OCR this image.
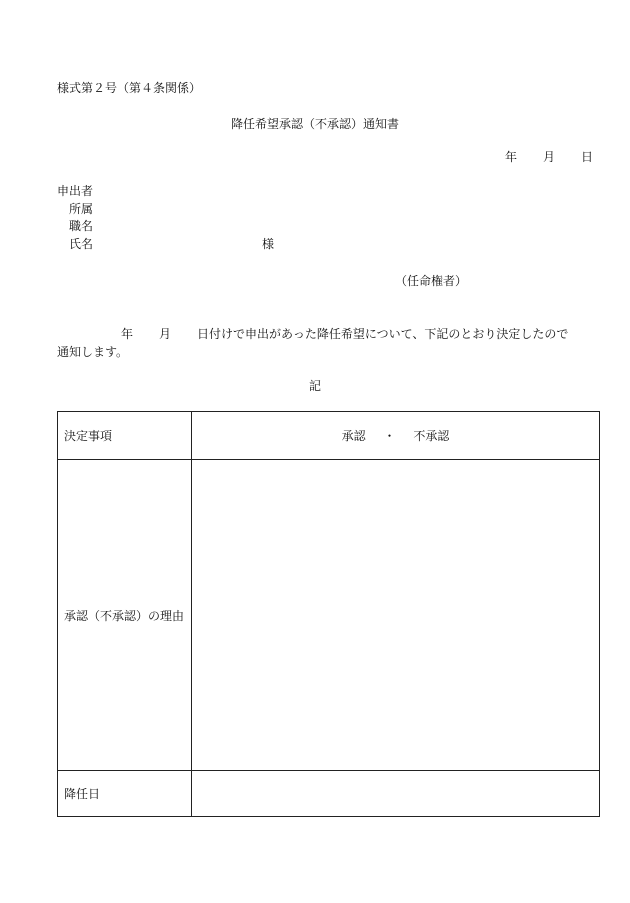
様式第２号（第４条関係）
降任希望承認（不承認）通知書
年 月 日
申出者
所属
職名
氏名	様
（任命権者）
年 月 日付けで申出があった降任希望について、下記のとおり決定したので
通知します。
記
決定事項	承認 ・ 不承認
承認（不承認）の理由	
降任日	
